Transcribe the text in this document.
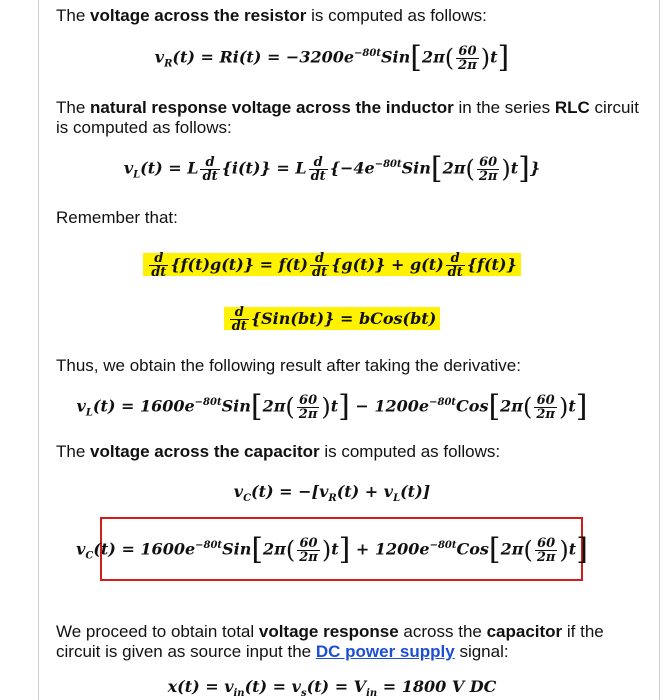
The voltage across the resistor is computed as follows:
$v_R(t) = Ri(t) = -3200e^{-80t}Sin[2\pi( \frac{60}{2\pi} )t]$
The natural response voltage across the inductor in the series RLC circuit is computed as follows:
$v_L(t) = L \frac{d}{dt} \{i(t)\} = L \frac{d}{dt} \{-4e^{-80t}Sin[2\pi( \frac{60}{2\pi} )t]\}$
Remember that:
$\frac{d}{dt} \{f(t)g(t)\} = f(t) \frac{d}{dt} \{g(t)\} + g(t) \frac{d}{dt} \{f(t)\}$
$\frac{d}{dt} \{Sin(bt)\}$ = bCos(bt)
Thus, we obtain the following result after taking the derivative:
$v_L(t) = 1600e^{-80t}Sin[2\pi( \frac{60}{2\pi} )t] - 1200e^{-80t}Cos[2\pi( \frac{60}{2\pi} )t]$
The voltage across the capacitor is computed as follows:
$v_C(t) = -[v_R(t) + v_L(t)]$
$v_C(t) = 1600e^{-80t}Sin[2\pi( \frac{60}{2\pi} )t] + 1200e^{-80t}Cos[2\pi( \frac{60}{2\pi} )t]$
We proceed to obtain total voltage response across the capacitor if the circuit is given as source input the DC power supply signal:
$x(t) = v_{in}(t) = v_s(t) = V_{in} = 1800$ V DC
